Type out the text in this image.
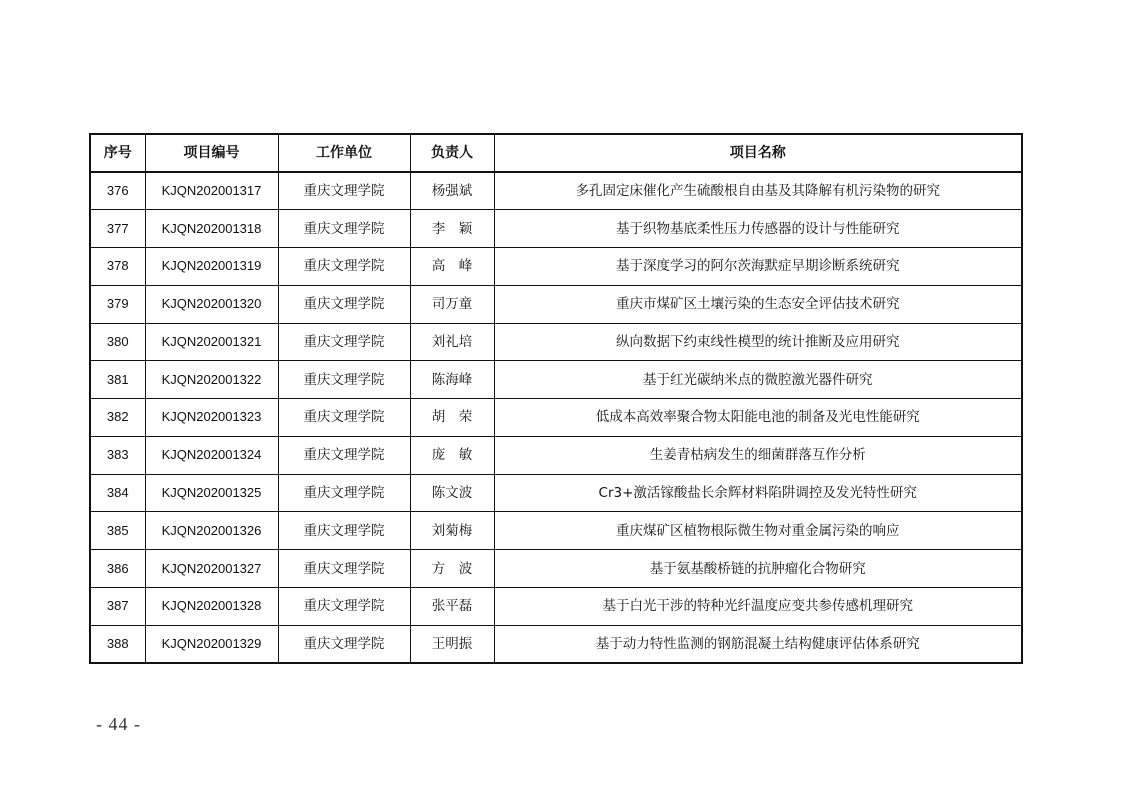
序号	项目编号	工作单位	负责人	项目名称
376	KJQN202001317	重庆文理学院	杨强斌	多孔固定床催化产生硫酸根自由基及其降解有机污染物的研究
377	KJQN202001318	重庆文理学院	李　颖	基于织物基底柔性压力传感器的设计与性能研究
378	KJQN202001319	重庆文理学院	高　峰	基于深度学习的阿尔茨海默症早期诊断系统研究
379	KJQN202001320	重庆文理学院	司万童	重庆市煤矿区土壤污染的生态安全评估技术研究
380	KJQN202001321	重庆文理学院	刘礼培	纵向数据下约束线性模型的统计推断及应用研究
381	KJQN202001322	重庆文理学院	陈海峰	基于红光碳纳米点的微腔激光器件研究
382	KJQN202001323	重庆文理学院	胡　荣	低成本高效率聚合物太阳能电池的制备及光电性能研究
383	KJQN202001324	重庆文理学院	庞　敏	生姜青枯病发生的细菌群落互作分析
384	KJQN202001325	重庆文理学院	陈文波	Cr3+激活镓酸盐长余辉材料陷阱调控及发光特性研究
385	KJQN202001326	重庆文理学院	刘菊梅	重庆煤矿区植物根际微生物对重金属污染的响应
386	KJQN202001327	重庆文理学院	方　波	基于氨基酸桥链的抗肿瘤化合物研究
387	KJQN202001328	重庆文理学院	张平磊	基于白光干涉的特种光纤温度应变共参传感机理研究
388	KJQN202001329	重庆文理学院	王明振	基于动力特性监测的钢筋混凝土结构健康评估体系研究
- 44 -
